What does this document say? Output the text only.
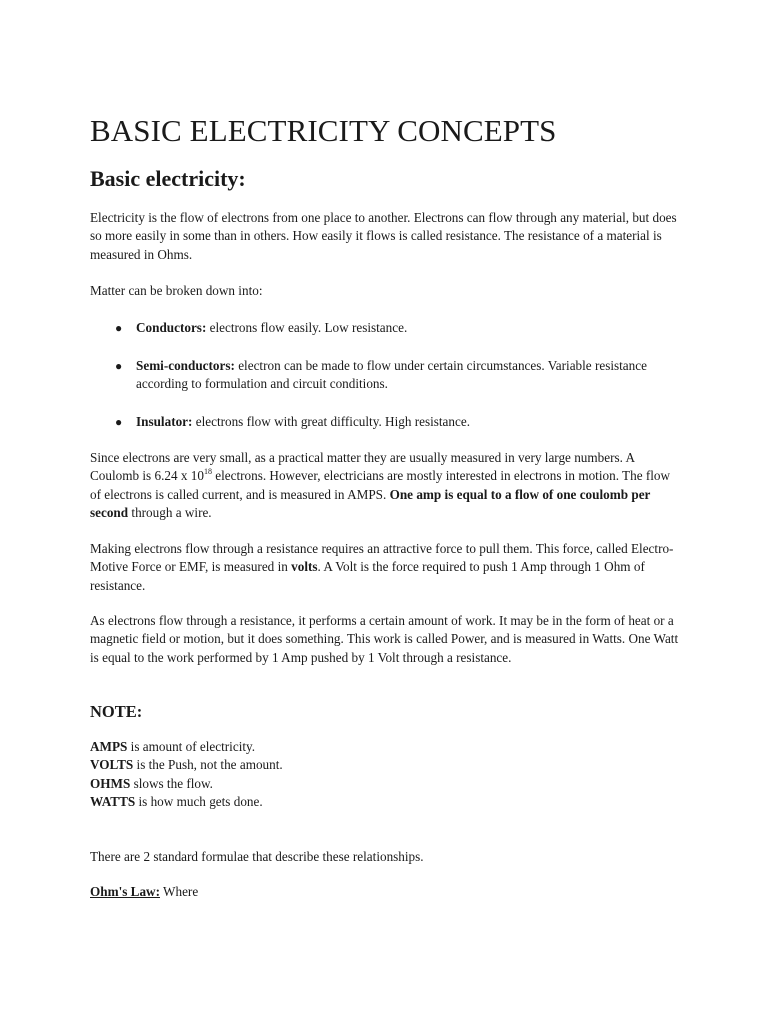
BASIC ELECTRICITY CONCEPTS
Basic electricity:

Electricity is the flow of electrons from one place to another. Electrons can flow through any material, but does so more easily in some than in others. How easily it flows is called resistance. The resistance of a material is measured in Ohms.

Matter can be broken down into:

● Conductors: electrons flow easily. Low resistance.
● Semi-conductors: electron can be made to flow under certain circumstances. Variable resistance according to formulation and circuit conditions.
● Insulator: electrons flow with great difficulty. High resistance.

Since electrons are very small, as a practical matter they are usually measured in very large numbers. A Coulomb is 6.24 x $10^{18}$ electrons. However, electricians are mostly interested in electrons in motion. The flow of electrons is called current, and is measured in AMPS. One amp is equal to a flow of one coulomb per second through a wire.

Making electrons flow through a resistance requires an attractive force to pull them. This force, called Electro-Motive Force or EMF, is measured in volts. A Volt is the force required to push 1 Amp through 1 Ohm of resistance.

As electrons flow through a resistance, it performs a certain amount of work. It may be in the form of heat or a magnetic field or motion, but it does something. This work is called Power, and is measured in Watts. One Watt is equal to the work performed by 1 Amp pushed by 1 Volt through a resistance.

NOTE:
AMPS is amount of electricity.
VOLTS is the Push, not the amount.
OHMS slows the flow.
WATTS is how much gets done.

There are 2 standard formulae that describe these relationships.

Ohm's Law: Where
